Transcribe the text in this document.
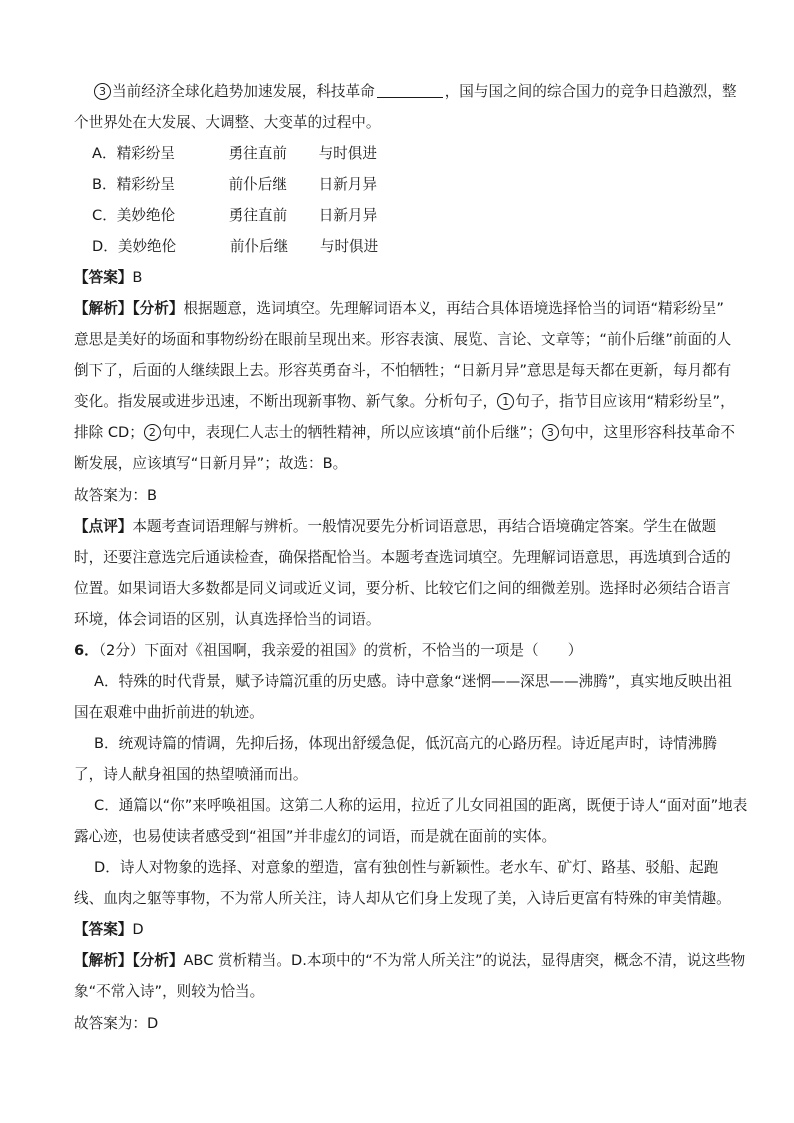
3 当前经济全球化趋势加速发展，科技革命	，国与国之间的综合国力的竞争日趋激烈，整
个世界处在大发展、大调整、大变革的过程中。
A．精彩纷呈	勇往直前 与时俱进
B．精彩纷呈	前仆后继 日新月异
C．美妙绝伦	勇往直前 日新月异
D．美妙绝伦	前仆后继 与时俱进
【答案】B
【解析】【分析】根据题意，选词填空。先理解词语本义，再结合具体语境选择恰当的词语“精彩纷呈”
意思是美好的场面和事物纷纷在眼前呈现出来。形容表演、展览、言论、文章等；“前仆后继”前面的人
倒下了，后面的人继续跟上去。形容英勇奋斗，不怕牺牲；“日新月异”意思是每天都在更新，每月都有
变化。指发展或进步迅速，不断出现新事物、新气象。分析句子， 1 句子，指节目应该用“精彩纷呈”，
排除 CD； 2 句中，表现仁人志士的牺牲精神，所以应该填“前仆后继”； 3 句中，这里形容科技革命不
断发展，应该填写“日新月异”；故选：B。
故答案为：B
【点评】本题考查词语理解与辨析。一般情况要先分析词语意思，再结合语境确定答案。学生在做题
时，还要注意选完后通读检查，确保搭配恰当。本题考查选词填空。先理解词语意思，再选填到合适的
位置。如果词语大多数都是同义词或近义词，要分析、比较它们之间的细微差别。选择时必须结合语言
环境，体会词语的区别，认真选择恰当的词语。
6．（2分）下面对《祖国啊，我亲爱的祖国》的赏析，不恰当的一项是（　　）
A．特殊的时代背景，赋予诗篇沉重的历史感。诗中意象“迷惘——深思——沸腾”，真实地反映出祖
国在艰难中曲折前进的轨迹。
B．统观诗篇的情调，先抑后扬，体现出舒缓急促，低沉高亢的心路历程。诗近尾声时，诗情沸腾
了，诗人献身祖国的热望喷涌而出。
C．通篇以“你”来呼唤祖国。这第二人称的运用，拉近了儿女同祖国的距离，既便于诗人“面对面”地表
露心迹，也易使读者感受到“祖国”并非虚幻的词语，而是就在面前的实体。
D．诗人对物象的选择、对意象的塑造，富有独创性与新颖性。老水车、矿灯、路基、驳船、起跑
线、血肉之躯等事物，不为常人所关注，诗人却从它们身上发现了美，入诗后更富有特殊的审美情趣。
【答案】D
【解析】【分析】ABC 赏析精当。D.本项中的“不为常人所关注”的说法，显得唐突，概念不清，说这些物
象“不常入诗”，则较为恰当。
故答案为：D
